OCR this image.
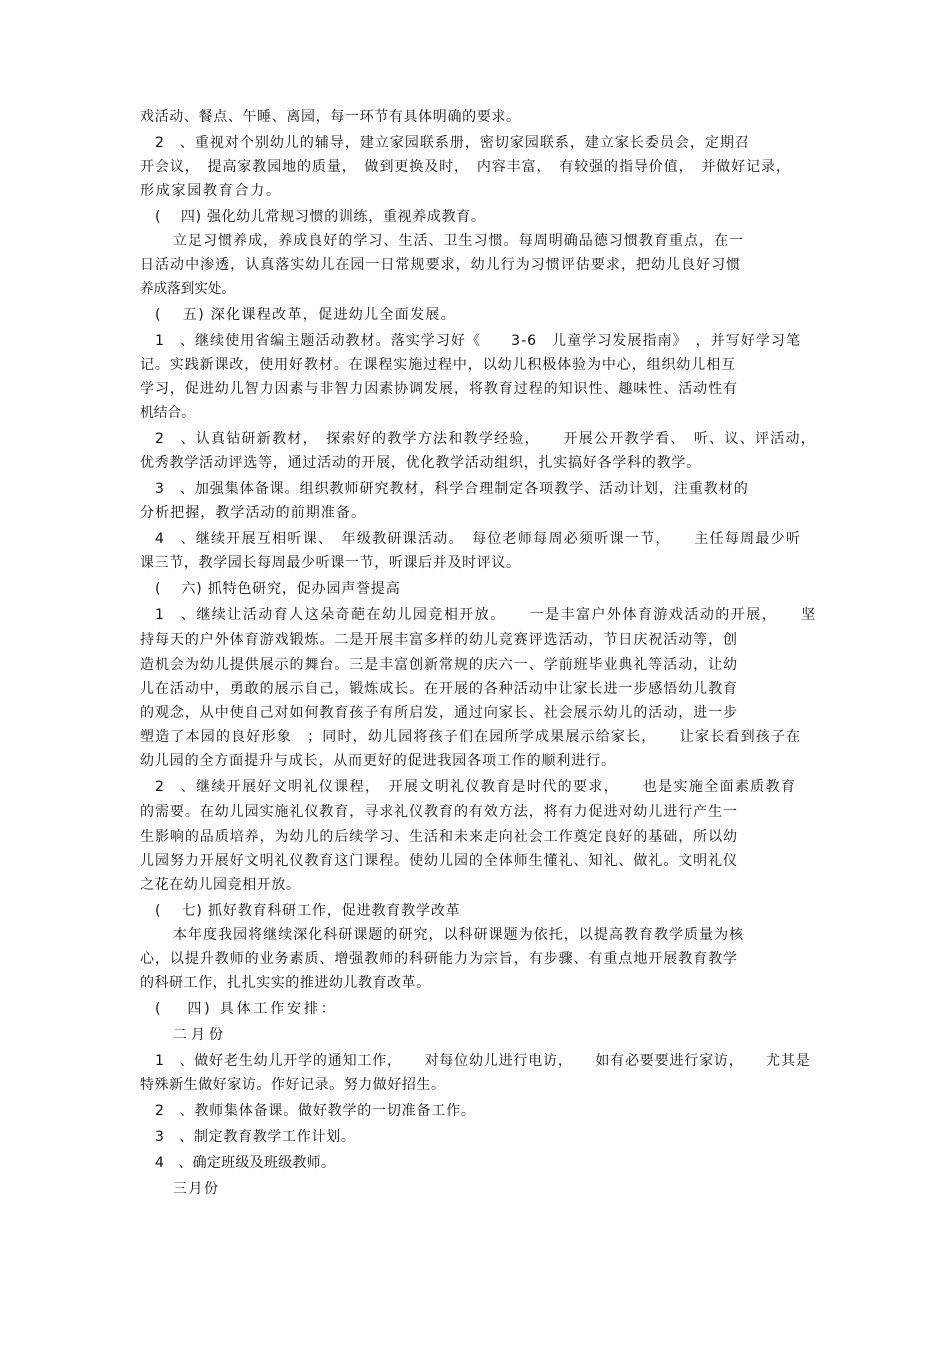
戏活动、餐点、午睡、离园，每一环节有具体明确的要求。
2　、重视对个别幼儿的辅导，建立家园联系册，密切家园联系，建立家长委员会，定期召
开会议，　提高家教园地的质量，　做到更换及时，　内容丰富，　有较强的指导价值，　并做好记录，
形成家园教育合力。
(　 四) 强化幼儿常规习惯的训练，重视养成教育。
立足习惯养成，养成良好的学习、生活、卫生习惯。每周明确品德习惯教育重点，在一
日活动中渗透，认真落实幼儿在园一日常规要求，幼儿行为习惯评估要求，把幼儿良好习惯
养成落到实处。
(　 五) 深化课程改革，促进幼儿全面发展。
1　、继续使用省编主题活动教材。落实学习好《　　3-6　儿童学习发展指南》　，并写好学习笔
记。实践新课改，使用好教材。在课程实施过程中，以幼儿积极体验为中心，组织幼儿相互
学习，促进幼儿智力因素与非智力因素协调发展，将教育过程的知识性、趣味性、活动性有
机结合。
2　、认真钻研新教材，　探索好的教学方法和教学经验，　　开展公开教学看、　听、议、评活动，
优秀教学活动评选等，通过活动的开展，优化教学活动组织，扎实搞好各学科的教学。
3　、加强集体备课。组织教师研究教材，科学合理制定各项教学、活动计划，注重教材的
分析把握，教学活动的前期准备。
4　、继续开展互相听课、　年级教研课活动。　每位老师每周必须听课一节，　　主任每周最少听
课三节，教学园长每周最少听课一节，听课后并及时评议。
(　 六) 抓特色研究，促办园声誉提高
1　、继续让活动育人这朵奇葩在幼儿园竞相开放。　　一是丰富户外体育游戏活动的开展，　　坚
持每天的户外体育游戏锻炼。二是开展丰富多样的幼儿竞赛评选活动，节日庆祝活动等，创
造机会为幼儿提供展示的舞台。三是丰富创新常规的庆六一、学前班毕业典礼等活动，让幼
儿在活动中，勇敢的展示自己，锻炼成长。在开展的各种活动中让家长进一步感悟幼儿教育
的观念，从中使自己对如何教育孩子有所启发，通过向家长、社会展示幼儿的活动，进一步
塑造了本园的良好形象　；同时，幼儿园将孩子们在园所学成果展示给家长，　　让家长看到孩子在
幼儿园的全方面提升与成长，从而更好的促进我园各项工作的顺利进行。
2　、继续开展好文明礼仪课程，　开展文明礼仪教育是时代的要求，　　也是实施全面素质教育
的需要。在幼儿园实施礼仪教育，寻求礼仪教育的有效方法，将有力促进对幼儿进行产生一
生影响的品质培养，为幼儿的后续学习、生活和未来走向社会工作奠定良好的基础，所以幼
儿园努力开展好文明礼仪教育这门课程。使幼儿园的全体师生懂礼、知礼、做礼。文明礼仪
之花在幼儿园竞相开放。
(　 七) 抓好教育科研工作，促进教育教学改革
本年度我园将继续深化科研课题的研究，以科研课题为依托，以提高教育教学质量为核
心，以提升教师的业务素质、增强教师的科研能力为宗旨，有步骤、有重点地开展教育教学
的科研工作，扎扎实实的推进幼儿教育改革。
(　 四) 具体工作安排：
二月份
1　、做好老生幼儿开学的通知工作，　　对每位幼儿进行电访，　　如有必要要进行家访，　　尤其是
特殊新生做好家访。作好记录。努力做好招生。
2　、教师集体备课。做好教学的一切准备工作。
3　、制定教育教学工作计划。
4　、确定班级及班级教师。
三月份
